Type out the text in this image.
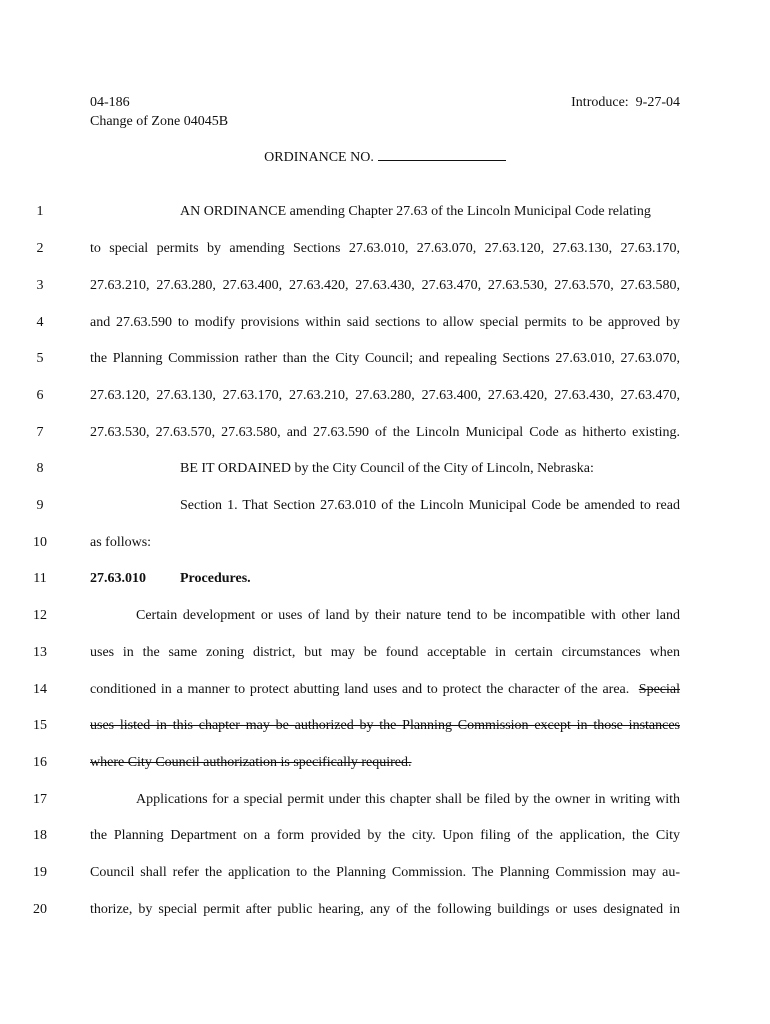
04-186
Change of Zone 04045B
Introduce: 9-27-04
ORDINANCE NO.
1
2
3
4
5
6
7
8
9
10
11
12
13
14
15
16
17
18
19
20
AN ORDINANCE amending Chapter 27.63 of the Lincoln Municipal Code relating
to special permits by amending Sections 27.63.010, 27.63.070, 27.63.120, 27.63.130, 27.63.170,
27.63.210, 27.63.280, 27.63.400, 27.63.420, 27.63.430, 27.63.470, 27.63.530, 27.63.570, 27.63.580,
and 27.63.590 to modify provisions within said sections to allow special permits to be approved by
the Planning Commission rather than the City Council; and repealing Sections 27.63.010, 27.63.070,
27.63.120, 27.63.130, 27.63.170, 27.63.210, 27.63.280, 27.63.400, 27.63.420, 27.63.430, 27.63.470,
27.63.530, 27.63.570, 27.63.580, and 27.63.590 of the Lincoln Municipal Code as hitherto existing.
BE IT ORDAINED by the City Council of the City of Lincoln, Nebraska:
Section 1. That Section 27.63.010 of the Lincoln Municipal Code be amended to read
as follows:
27.63.010 Procedures.
Certain development or uses of land by their nature tend to be incompatible with other land
uses in the same zoning district, but may be found acceptable in certain circumstances when
conditioned in a manner to protect abutting land uses and to protect the character of the area. Special
uses listed in this chapter may be authorized by the Planning Commission except in those instances
where City Council authorization is specifically required.
Applications for a special permit under this chapter shall be filed by the owner in writing with
the Planning Department on a form provided by the city. Upon filing of the application, the City
Council shall refer the application to the Planning Commission. The Planning Commission may au-
thorize, by special permit after public hearing, any of the following buildings or uses designated in
